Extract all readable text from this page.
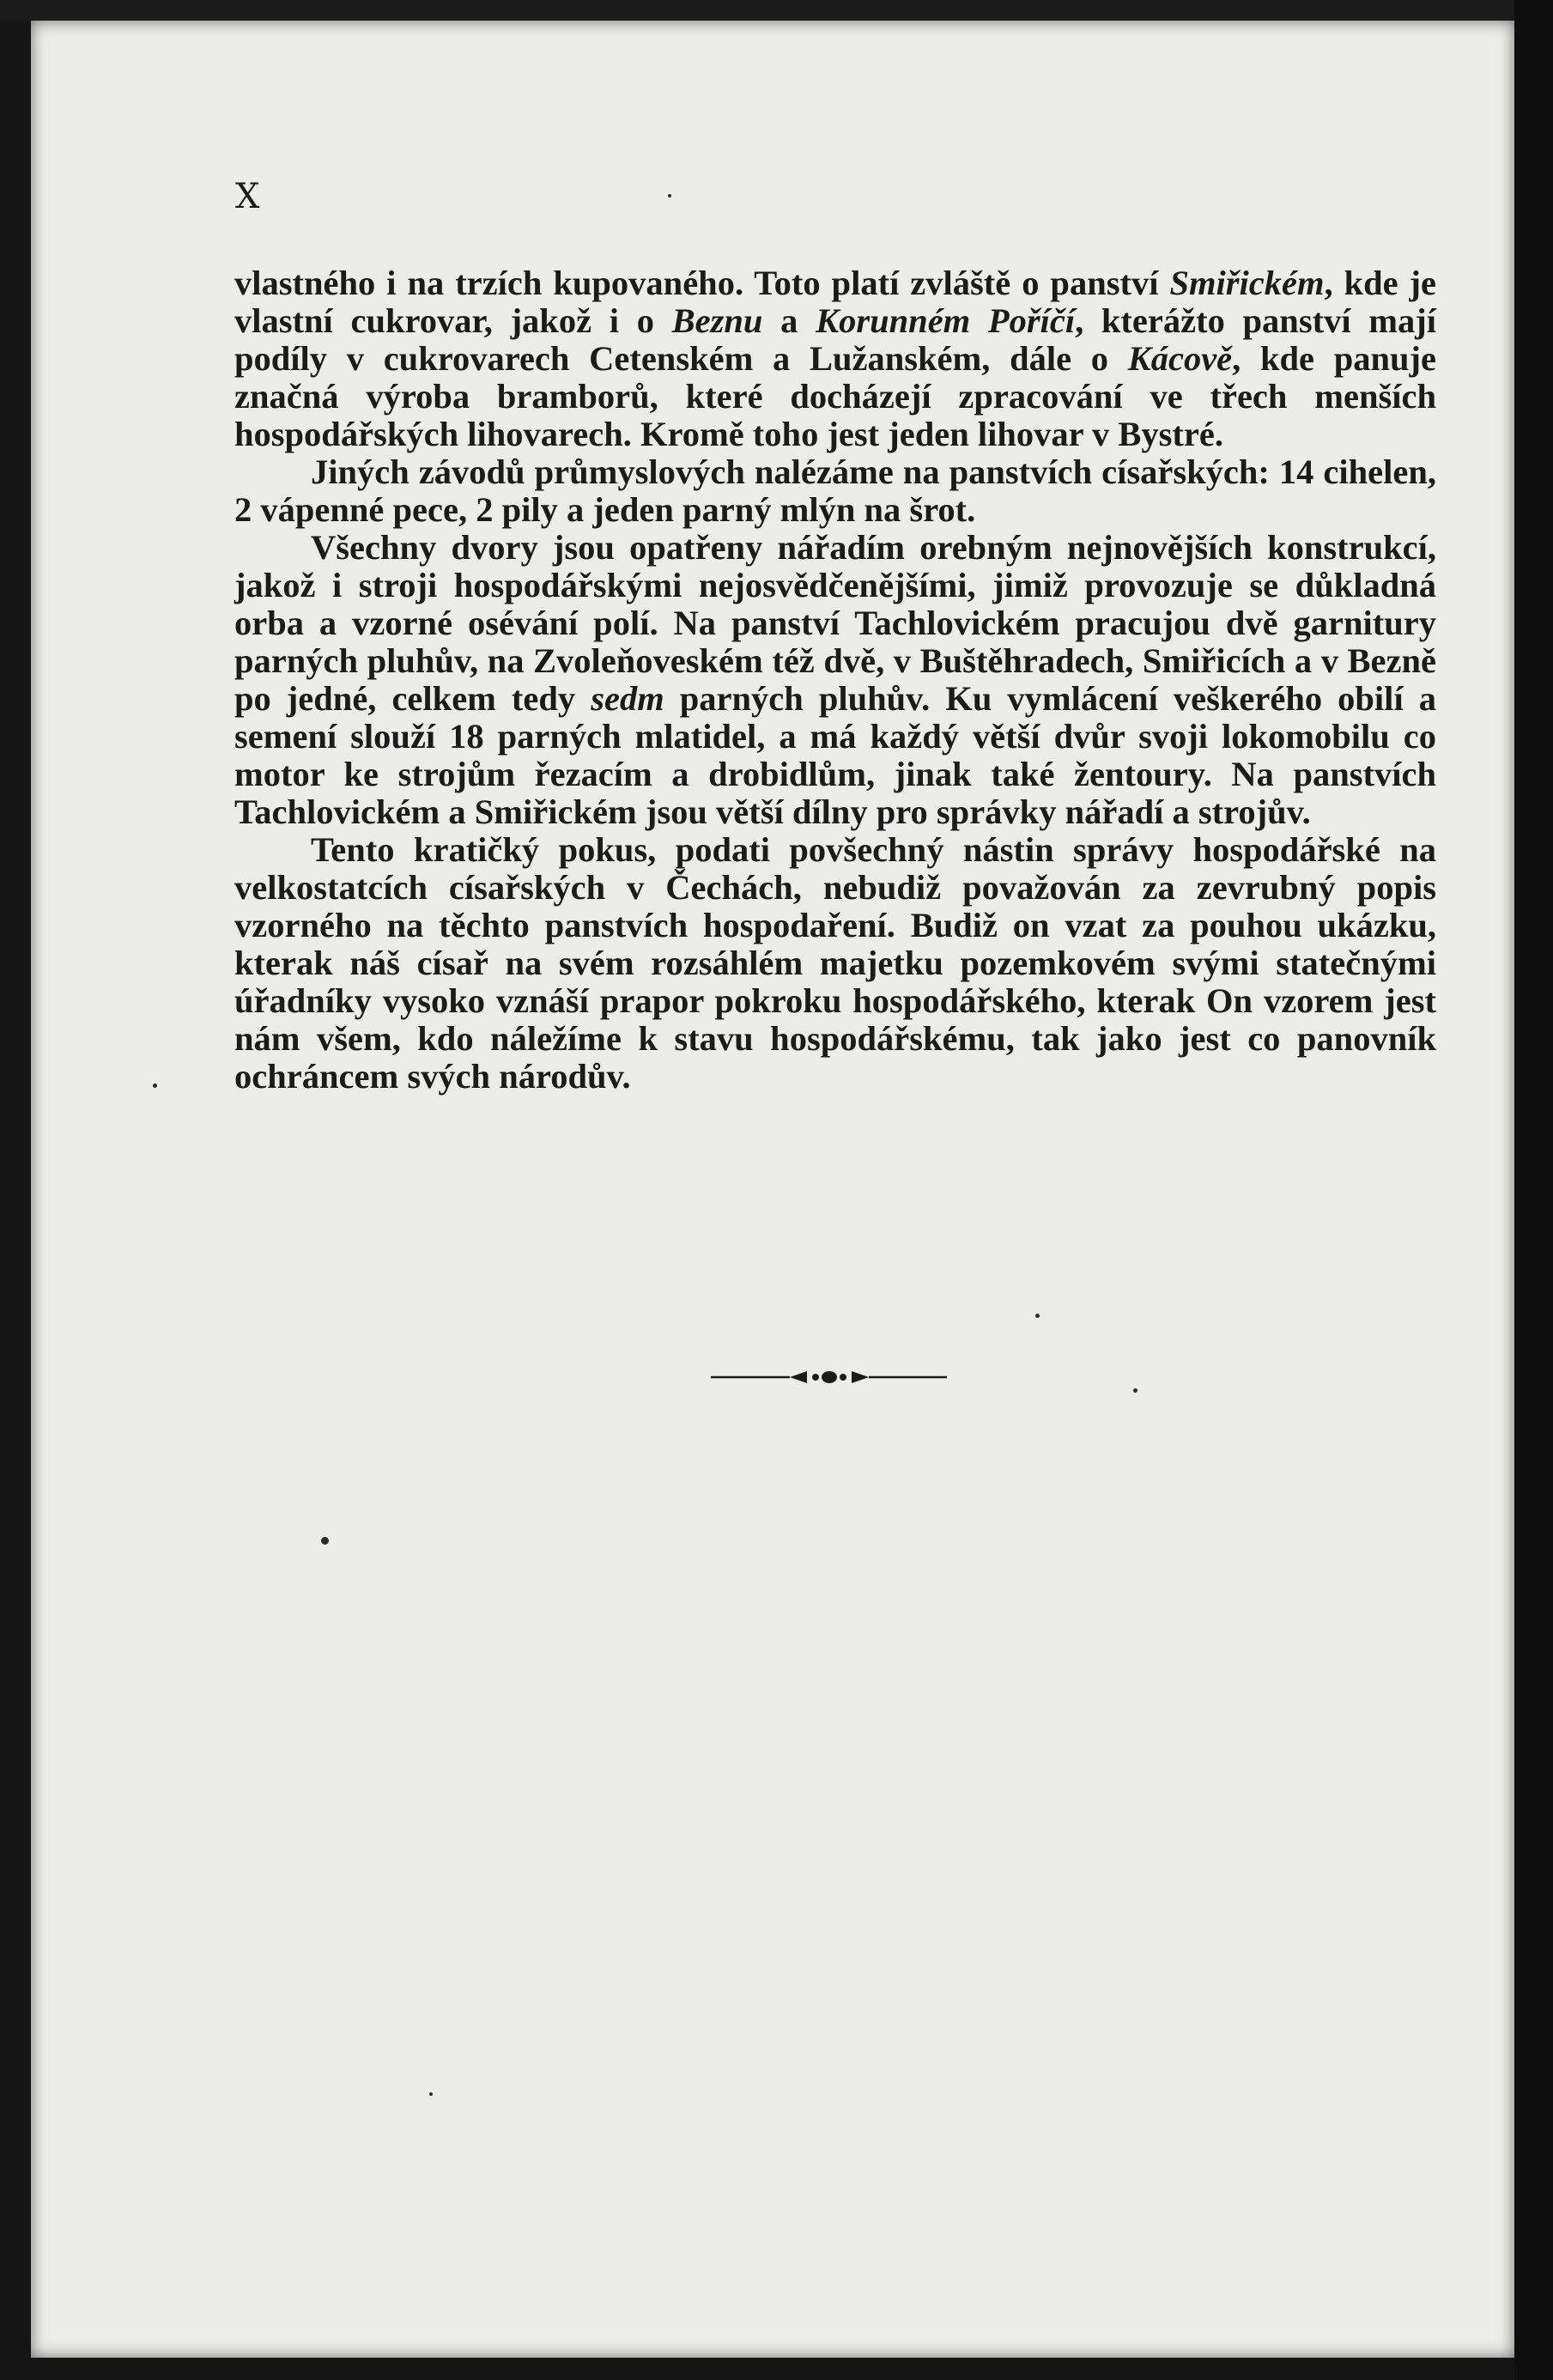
X

vlastného i na trzích kupovaného. Toto platí zvláště o panství Smiřickém, kde je vlastní cukrovar, jakož i o Beznu a Korunném Poříčí, kterážto panství mají podíly v cukrovarech Cetenském a Lužanském, dále o Kácově, kde panuje značná výroba bramborů, které docházejí zpracování ve třech menších hospodářských lihovarech. Kromě toho jest jeden lihovar v Bystré.

Jiných závodů průmyslových nalézáme na panstvích císařských: 14 cihelen, 2 vápenné pece, 2 pily a jeden parný mlýn na šrot.

Všechny dvory jsou opatřeny nářadím orebným nejnovějších konstrukcí, jakož i stroji hospodářskými nejosvědčenějšími, jimiž provozuje se důkladná orba a vzorné osévání polí. Na panství Tachlovickém pracujou dvě garnitury parných pluhův, na Zvoleňoveském též dvě, v Buštěhradech, Smiřicích a v Bezně po jedné, celkem tedy sedm parných pluhův. Ku vymlácení veškerého obilí a semení slouží 18 parných mlatidel, a má každý větší dvůr svoji lokomobilu co motor ke strojům řezacím a drobidlům, jinak také žentoury. Na panstvích Tachlovickém a Smiřickém jsou větší dílny pro správky nářadí a strojův.

Tento kratičký pokus, podati povšechný nástin správy hospodářské na velkostatcích císařských v Čechách, nebudiž považován za zevrubný popis vzorného na těchto panstvích hospodaření. Budiž on vzat za pouhou ukázku, kterak náš císař na svém rozsáhlém majetku pozemkovém svými statečnými úřadníky vysoko vznáší prapor pokroku hospodářského, kterak On vzorem jest nám všem, kdo náležíme k stavu hospodářskému, tak jako jest co panovník ochráncem svých národův.
